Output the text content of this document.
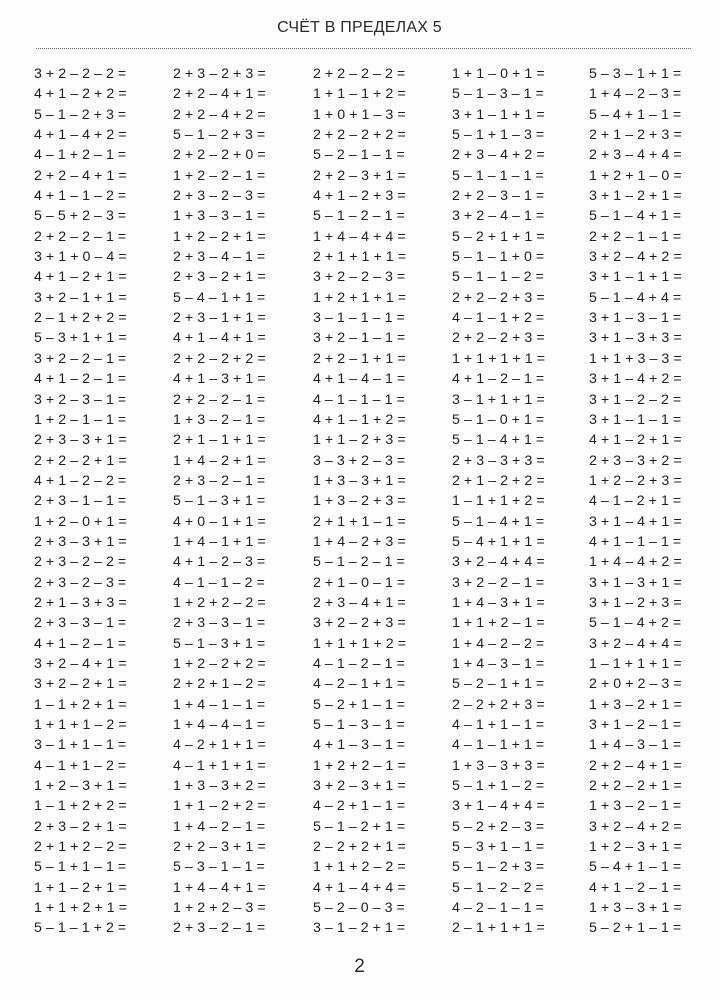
СЧЁТ В ПРЕДЕЛАХ 5
3 + 2 – 2 – 2 =
4 + 1 – 2 + 2 =
5 – 1 – 2 + 3 =
4 + 1 – 4 + 2 =
4 – 1 + 2 – 1 =
2 + 2 – 4 + 1 =
4 + 1 – 1 – 2 =
5 – 5 + 2 – 3 =
2 + 2 – 2 – 1 =
3 + 1 + 0 – 4 =
4 + 1 – 2 + 1 =
3 + 2 – 1 + 1 =
2 – 1 + 2 + 2 =
5 – 3 + 1 + 1 =
3 + 2 – 2 – 1 =
4 + 1 – 2 – 1 =
3 + 2 – 3 – 1 =
1 + 2 – 1 – 1 =
2 + 3 – 3 + 1 =
2 + 2 – 2 + 1 =
4 + 1 – 2 – 2 =
2 + 3 – 1 – 1 =
1 + 2 – 0 + 1 =
2 + 3 – 3 + 1 =
2 + 3 – 2 – 2 =
2 + 3 – 2 – 3 =
2 + 1 – 3 + 3 =
2 + 3 – 3 – 1 =
4 + 1 – 2 – 1 =
3 + 2 – 4 + 1 =
3 + 2 – 2 + 1 =
1 – 1 + 2 + 1 =
1 + 1 + 1 – 2 =
3 – 1 + 1 – 1 =
4 – 1 + 1 – 2 =
1 + 2 – 3 + 1 =
1 – 1 + 2 + 2 =
2 + 3 – 2 + 1 =
2 + 1 + 2 – 2 =
5 – 1 + 1 – 1 =
1 + 1 – 2 + 1 =
1 + 1 + 2 + 1 =
5 – 1 – 1 + 2 =
2 + 3 – 2 + 3 =
2 + 2 – 4 + 1 =
2 + 2 – 4 + 2 =
5 – 1 – 2 + 3 =
2 + 2 – 2 + 0 =
1 + 2 – 2 – 1 =
2 + 3 – 2 – 3 =
1 + 3 – 3 – 1 =
1 + 2 – 2 + 1 =
2 + 3 – 4 – 1 =
2 + 3 – 2 + 1 =
5 – 4 – 1 + 1 =
2 + 3 – 1 + 1 =
4 + 1 – 4 + 1 =
2 + 2 – 2 + 2 =
4 + 1 – 3 + 1 =
2 + 2 – 2 – 1 =
1 + 3 – 2 – 1 =
2 + 1 – 1 + 1 =
1 + 4 – 2 + 1 =
2 + 3 – 2 – 1 =
5 – 1 – 3 + 1 =
4 + 0 – 1 + 1 =
1 + 4 – 1 + 1 =
4 + 1 – 2 – 3 =
4 – 1 – 1 – 2 =
1 + 2 + 2 – 2 =
2 + 3 – 3 – 1 =
5 – 1 – 3 + 1 =
1 + 2 – 2 + 2 =
2 + 2 + 1 – 2 =
1 + 4 – 1 – 1 =
1 + 4 – 4 – 1 =
4 – 2 + 1 + 1 =
4 – 1 + 1 + 1 =
1 + 3 – 3 + 2 =
1 + 1 – 2 + 2 =
1 + 4 – 2 – 1 =
2 + 2 – 3 + 1 =
5 – 3 – 1 – 1 =
1 + 4 – 4 + 1 =
1 + 2 + 2 – 3 =
2 + 3 – 2 – 1 =
2 + 2 – 2 – 2 =
1 + 1 – 1 + 2 =
1 + 0 + 1 – 3 =
2 + 2 – 2 + 2 =
5 – 2 – 1 – 1 =
2 + 2 – 3 + 1 =
4 + 1 – 2 + 3 =
5 – 1 – 2 – 1 =
1 + 4 – 4 + 4 =
2 + 1 + 1 + 1 =
3 + 2 – 2 – 3 =
1 + 2 + 1 + 1 =
3 – 1 – 1 – 1 =
3 + 2 – 1 – 1 =
2 + 2 – 1 + 1 =
4 + 1 – 4 – 1 =
4 – 1 – 1 – 1 =
4 + 1 – 1 + 2 =
1 + 1 – 2 + 3 =
3 – 3 + 2 – 3 =
1 + 3 – 3 + 1 =
1 + 3 – 2 + 3 =
2 + 1 + 1 – 1 =
1 + 4 – 2 + 3 =
5 – 1 – 2 – 1 =
2 + 1 – 0 – 1 =
2 + 3 – 4 + 1 =
3 + 2 – 2 + 3 =
1 + 1 + 1 + 2 =
4 – 1 – 2 – 1 =
4 – 2 – 1 + 1 =
5 – 2 + 1 – 1 =
5 – 1 – 3 – 1 =
4 + 1 – 3 – 1 =
1 + 2 + 2 – 1 =
3 + 2 – 3 + 1 =
4 – 2 + 1 – 1 =
5 – 1 – 2 + 1 =
2 – 2 + 2 + 1 =
1 + 1 + 2 – 2 =
4 + 1 – 4 + 4 =
5 – 2 – 0 – 3 =
3 – 1 – 2 + 1 =
1 + 1 – 0 + 1 =
5 – 1 – 3 – 1 =
3 + 1 – 1 + 1 =
5 – 1 + 1 – 3 =
2 + 3 – 4 + 2 =
5 – 1 – 1 – 1 =
2 + 2 – 3 – 1 =
3 + 2 – 4 – 1 =
5 – 2 + 1 + 1 =
5 – 1 – 1 + 0 =
5 – 1 – 1 – 2 =
2 + 2 – 2 + 3 =
4 – 1 – 1 + 2 =
2 + 2 – 2 + 3 =
1 + 1 + 1 + 1 =
4 + 1 – 2 – 1 =
3 – 1 + 1 + 1 =
5 – 1 – 0 + 1 =
5 – 1 – 4 + 1 =
2 + 3 – 3 + 3 =
2 + 1 – 2 + 2 =
1 – 1 + 1 + 2 =
5 – 1 – 4 + 1 =
5 – 4 + 1 + 1 =
3 + 2 – 4 + 4 =
3 + 2 – 2 – 1 =
1 + 4 – 3 + 1 =
1 + 1 + 2 – 1 =
1 + 4 – 2 – 2 =
1 + 4 – 3 – 1 =
5 – 2 – 1 + 1 =
2 – 2 + 2 + 3 =
4 – 1 + 1 – 1 =
4 – 1 – 1 + 1 =
1 + 3 – 3 + 3 =
5 – 1 + 1 – 2 =
3 + 1 – 4 + 4 =
5 – 2 + 2 – 3 =
5 – 3 + 1 – 1 =
5 – 1 – 2 + 3 =
5 – 1 – 2 – 2 =
4 – 2 – 1 – 1 =
2 – 1 + 1 + 1 =
5 – 3 – 1 + 1 =
1 + 4 – 2 – 3 =
5 – 4 + 1 – 1 =
2 + 1 – 2 + 3 =
2 + 3 – 4 + 4 =
1 + 2 + 1 – 0 =
3 + 1 – 2 + 1 =
5 – 1 – 4 + 1 =
2 + 2 – 1 – 1 =
3 + 2 – 4 + 2 =
3 + 1 – 1 + 1 =
5 – 1 – 4 + 4 =
3 + 1 – 3 – 1 =
3 + 1 – 3 + 3 =
1 + 1 + 3 – 3 =
3 + 1 – 4 + 2 =
3 + 1 – 2 – 2 =
3 + 1 – 1 – 1 =
4 + 1 – 2 + 1 =
2 + 3 – 3 + 2 =
1 + 2 – 2 + 3 =
4 – 1 – 2 + 1 =
3 + 1 – 4 + 1 =
4 + 1 – 1 – 1 =
1 + 4 – 4 + 2 =
3 + 1 – 3 + 1 =
3 + 1 – 2 + 3 =
5 – 1 – 4 + 2 =
3 + 2 – 4 + 4 =
1 – 1 + 1 + 1 =
2 + 0 + 2 – 3 =
1 + 3 – 2 + 1 =
3 + 1 – 2 – 1 =
1 + 4 – 3 – 1 =
2 + 2 – 4 + 1 =
2 + 2 – 2 + 1 =
1 + 3 – 2 – 1 =
3 + 2 – 4 + 2 =
1 + 2 – 3 + 1 =
5 – 4 + 1 – 1 =
4 + 1 – 2 – 1 =
1 + 3 – 3 + 1 =
5 – 2 + 1 – 1 =
2
